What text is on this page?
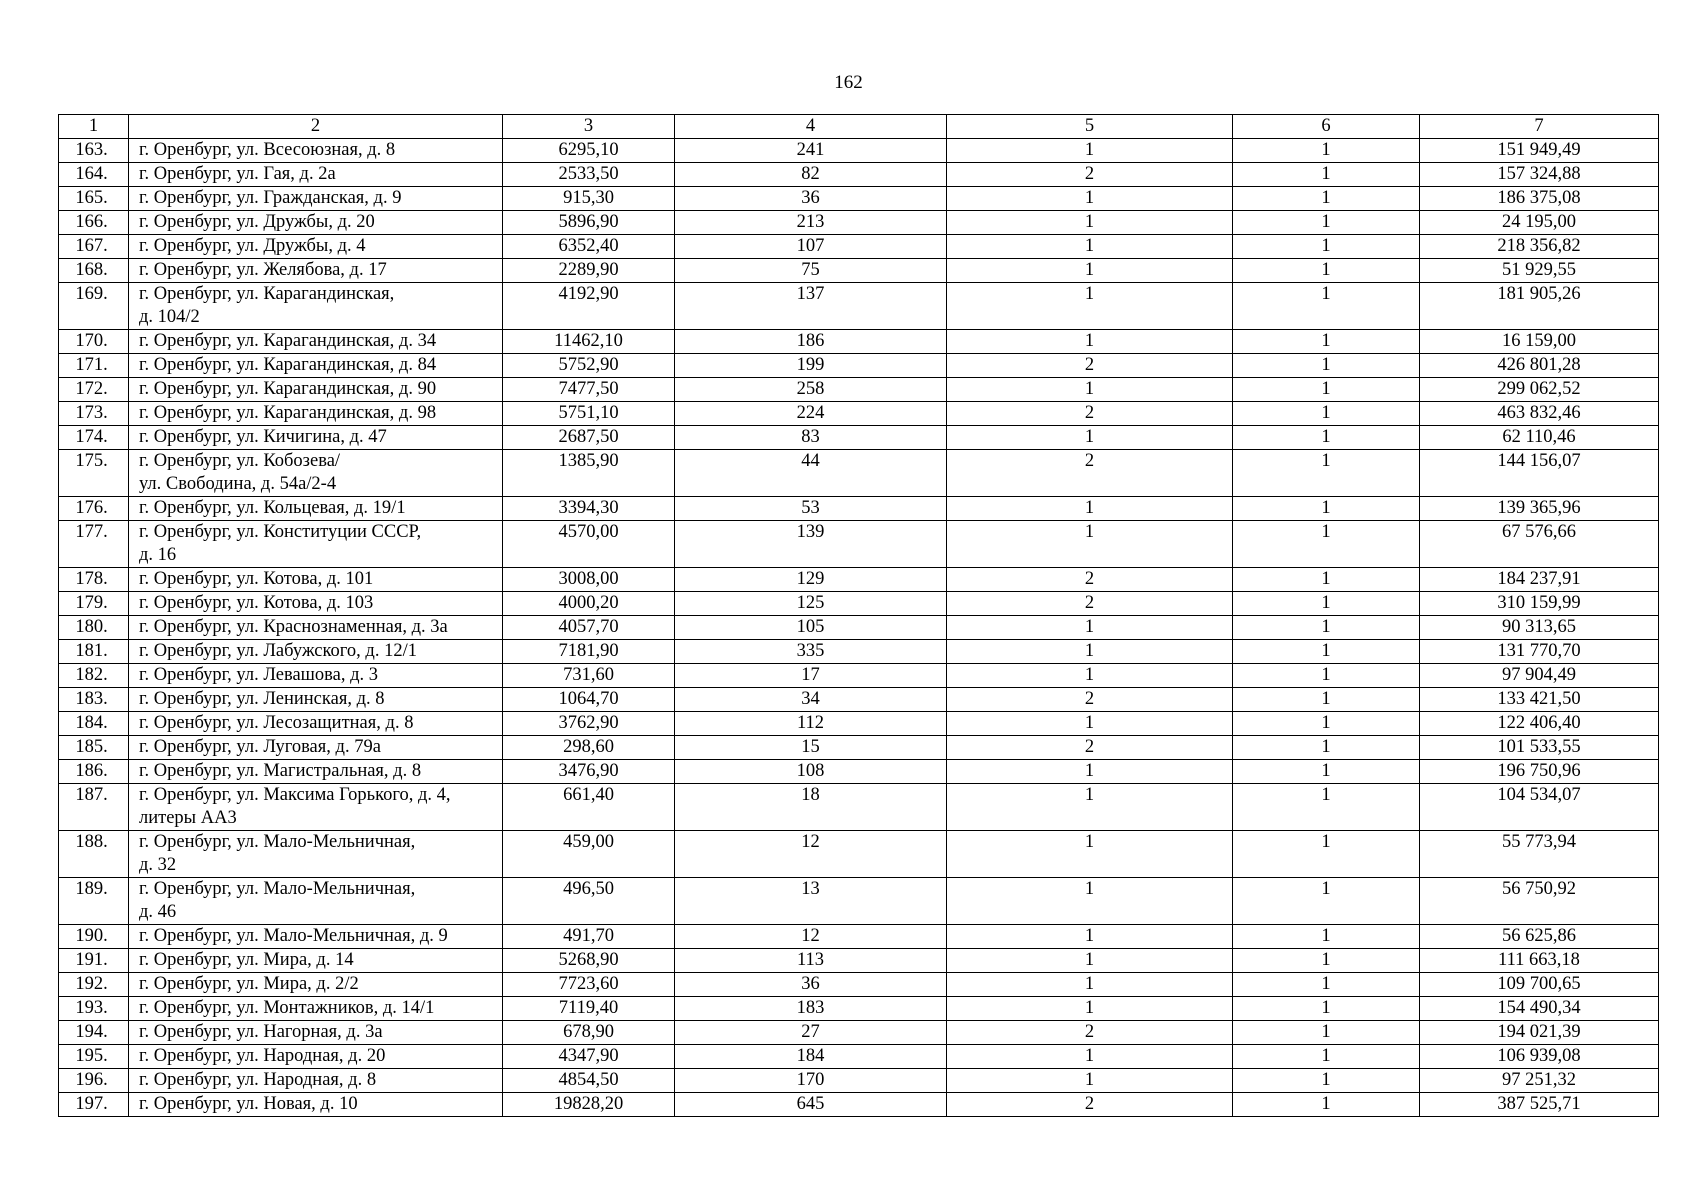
162
1	2	3	4	5	6	7
163.	г. Оренбург, ул. Всесоюзная, д. 8	6295,10	241	1	1	151 949,49
164.	г. Оренбург, ул. Гая, д. 2а	2533,50	82	2	1	157 324,88
165.	г. Оренбург, ул. Гражданская, д. 9	915,30	36	1	1	186 375,08
166.	г. Оренбург, ул. Дружбы, д. 20	5896,90	213	1	1	24 195,00
167.	г. Оренбург, ул. Дружбы, д. 4	6352,40	107	1	1	218 356,82
168.	г. Оренбург, ул. Желябова, д. 17	2289,90	75	1	1	51 929,55
169.	г. Оренбург, ул. Карагандинская,
д. 104/2	4192,90	137	1	1	181 905,26
170.	г. Оренбург, ул. Карагандинская, д. 34	11462,10	186	1	1	16 159,00
171.	г. Оренбург, ул. Карагандинская, д. 84	5752,90	199	2	1	426 801,28
172.	г. Оренбург, ул. Карагандинская, д. 90	7477,50	258	1	1	299 062,52
173.	г. Оренбург, ул. Карагандинская, д. 98	5751,10	224	2	1	463 832,46
174.	г. Оренбург, ул. Кичигина, д. 47	2687,50	83	1	1	62 110,46
175.	г. Оренбург, ул. Кобозева/
ул. Свободина, д. 54а/2-4	1385,90	44	2	1	144 156,07
176.	г. Оренбург, ул. Кольцевая, д. 19/1	3394,30	53	1	1	139 365,96
177.	г. Оренбург, ул. Конституции СССР,
д. 16	4570,00	139	1	1	67 576,66
178.	г. Оренбург, ул. Котова, д. 101	3008,00	129	2	1	184 237,91
179.	г. Оренбург, ул. Котова, д. 103	4000,20	125	2	1	310 159,99
180.	г. Оренбург, ул. Краснознаменная, д. 3а	4057,70	105	1	1	90 313,65
181.	г. Оренбург, ул. Лабужского, д. 12/1	7181,90	335	1	1	131 770,70
182.	г. Оренбург, ул. Левашова, д. 3	731,60	17	1	1	97 904,49
183.	г. Оренбург, ул. Ленинская, д. 8	1064,70	34	2	1	133 421,50
184.	г. Оренбург, ул. Лесозащитная, д. 8	3762,90	112	1	1	122 406,40
185.	г. Оренбург, ул. Луговая, д. 79а	298,60	15	2	1	101 533,55
186.	г. Оренбург, ул. Магистральная, д. 8	3476,90	108	1	1	196 750,96
187.	г. Оренбург, ул. Максима Горького, д. 4,
литеры АА3	661,40	18	1	1	104 534,07
188.	г. Оренбург, ул. Мало-Мельничная,
д. 32	459,00	12	1	1	55 773,94
189.	г. Оренбург, ул. Мало-Мельничная,
д. 46	496,50	13	1	1	56 750,92
190.	г. Оренбург, ул. Мало-Мельничная, д. 9	491,70	12	1	1	56 625,86
191.	г. Оренбург, ул. Мира, д. 14	5268,90	113	1	1	111 663,18
192.	г. Оренбург, ул. Мира, д. 2/2	7723,60	36	1	1	109 700,65
193.	г. Оренбург, ул. Монтажников, д. 14/1	7119,40	183	1	1	154 490,34
194.	г. Оренбург, ул. Нагорная, д. 3а	678,90	27	2	1	194 021,39
195.	г. Оренбург, ул. Народная, д. 20	4347,90	184	1	1	106 939,08
196.	г. Оренбург, ул. Народная, д. 8	4854,50	170	1	1	97 251,32
197.	г. Оренбург, ул. Новая, д. 10	19828,20	645	2	1	387 525,71
